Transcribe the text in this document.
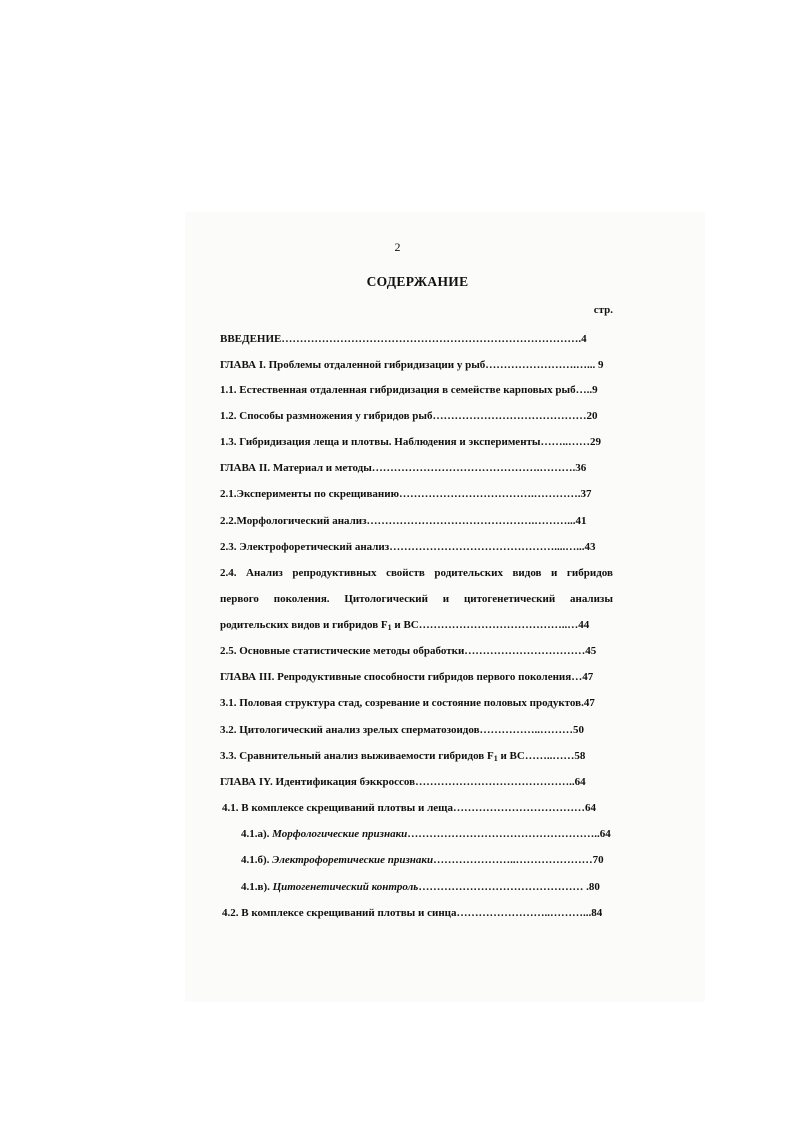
2
СОДЕРЖАНИЕ
стр.
ВВЕДЕНИЕ……………………………………………………………………….4
ГЛАВА I. Проблемы отдаленной гибридизации у рыб…………………….…... 9
1.1. Естественная отдаленная гибридизация в семействе карповых рыб…..9
1.2. Способы размножения у гибридов рыб……………………………………20
1.3. Гибридизация леща и плотвы. Наблюдения и эксперименты……..……29
ГЛАВА II. Материал и методы……………………………………….……….36
2.1.Эксперименты по скрещиванию……………………………….………….37
2.2.Морфологический анализ……………………………………….………...41
2.3. Электрофоретический анализ………………………………………....…...43
2.4. Анализ репродуктивных свойств родительских видов и гибридов
первого поколения. Цитологический и цитогенетический анализы
родительских видов и гибридов $F_1$ и BC…………………………………..…44
2.5. Основные статистические методы обработки……………………………45
ГЛАВА III. Репродуктивные способности гибридов первого поколения…47
3.1. Половая структура стад, созревание и состояние половых продуктов.47
3.2. Цитологический анализ зрелых сперматозоидов……………..………50
3.3. Сравнительный анализ выживаемости гибридов $F_1$ и BC……..……58
ГЛАВА IY. Идентификация бэккроссов……………………………………..64
4.1. В комплексе скрещиваний плотвы и леща………………………………64
4.1.а). Морфологические признаки……………………………………………..64
4.1.б). Электрофоретические признаки…………………..…………………70
4.1.в). Цитогенетический контроль……………………………………… .80
4.2. В комплексе скрещиваний плотвы и синца……………………..………...84
